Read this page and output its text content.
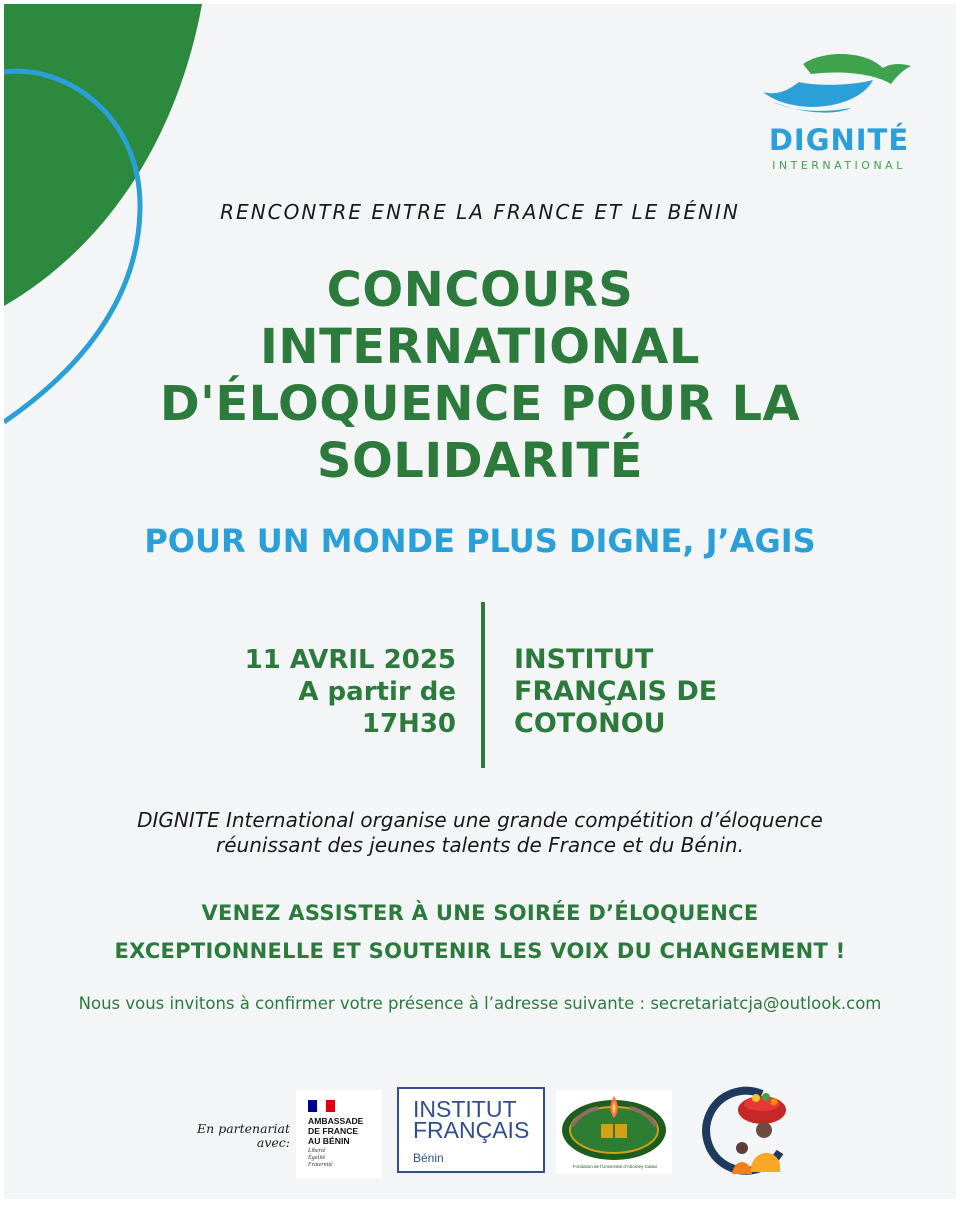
DIGNITÉ
INTERNATIONAL
RENCONTRE ENTRE LA FRANCE ET LE BÉNIN
CONCOURS
INTERNATIONAL
D'ÉLOQUENCE POUR LA
SOLIDARITÉ
POUR UN MONDE PLUS DIGNE, J’AGIS
11 AVRIL 2025
A partir de
17H30
INSTITUT
FRANÇAIS DE
COTONOU
DIGNITE International organise une grande compétition d’éloquence
réunissant des jeunes talents de France et du Bénin.
VENEZ ASSISTER À UNE SOIRÉE D’ÉLOQUENCE
EXCEPTIONNELLE ET SOUTENIR LES VOIX DU CHANGEMENT !
Nous vous invitons à confirmer votre présence à l’adresse suivante : secretariatcja@outlook.com
En partenariat
avec:
AMBASSADE
DE FRANCE
AU BÉNIN
Liberté
Égalité
Fraternité
INSTITUT
FRANÇAIS
Bénin
Fondation de l'Université d'Abomey-Calavi
